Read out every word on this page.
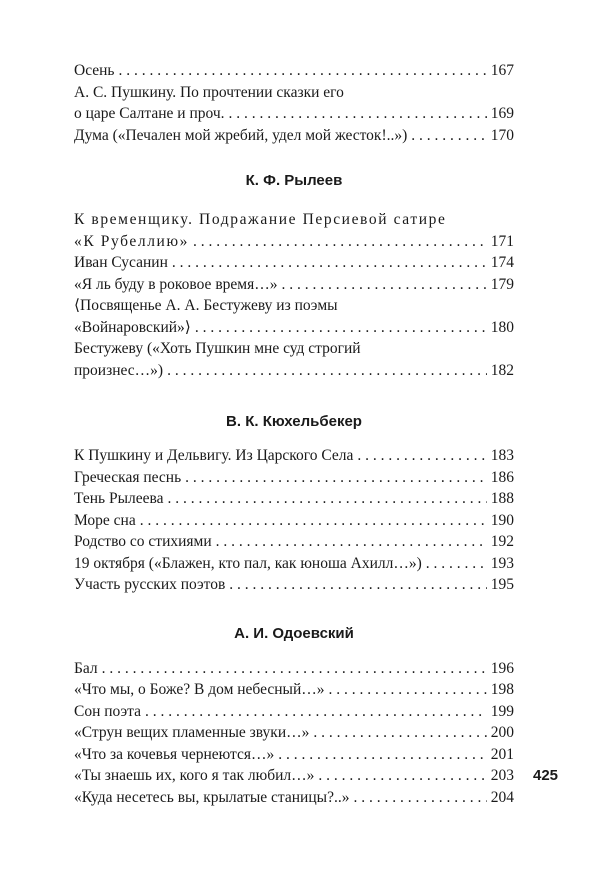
Осень . . .	167
А. С. Пушкину. По прочтении сказки его
о царе Салтане и проч. . . .	169
Дума («Печален мой жребий, удел мой жесток!..») . . .	170
К. Ф. Рылеев
К временщику. Подражание Персиевой сатире
«К Рубеллию» . . .	171
Иван Сусанин . . .	174
«Я ль буду в роковое время…» . . .	179
⟨Посвященье А. А. Бестужеву из поэмы
«Войнаровский»⟩ . . .	180
Бестужеву («Хоть Пушкин мне суд строгий
произнес…») . . .	182
В. К. Кюхельбекер
К Пушкину и Дельвигу. Из Царского Села . . .	183
Греческая песнь . . .	186
Тень Рылеева . . .	188
Море сна . . .	190
Родство со стихиями . . .	192
19 октября («Блажен, кто пал, как юноша Ахилл…») . . .	193
Участь русских поэтов . . .	195
А. И. Одоевский
Бал . . .	196
«Что мы, о Боже? В дом небесный…» . . .	198
Сон поэта . . .	199
«Струн вещих пламенные звуки…» . . .	200
«Что за кочевья чернеются…» . . .	201
«Ты знаешь их, кого я так любил…» . . .	203
«Куда несетесь вы, крылатые станицы?..» . . .	204
425
